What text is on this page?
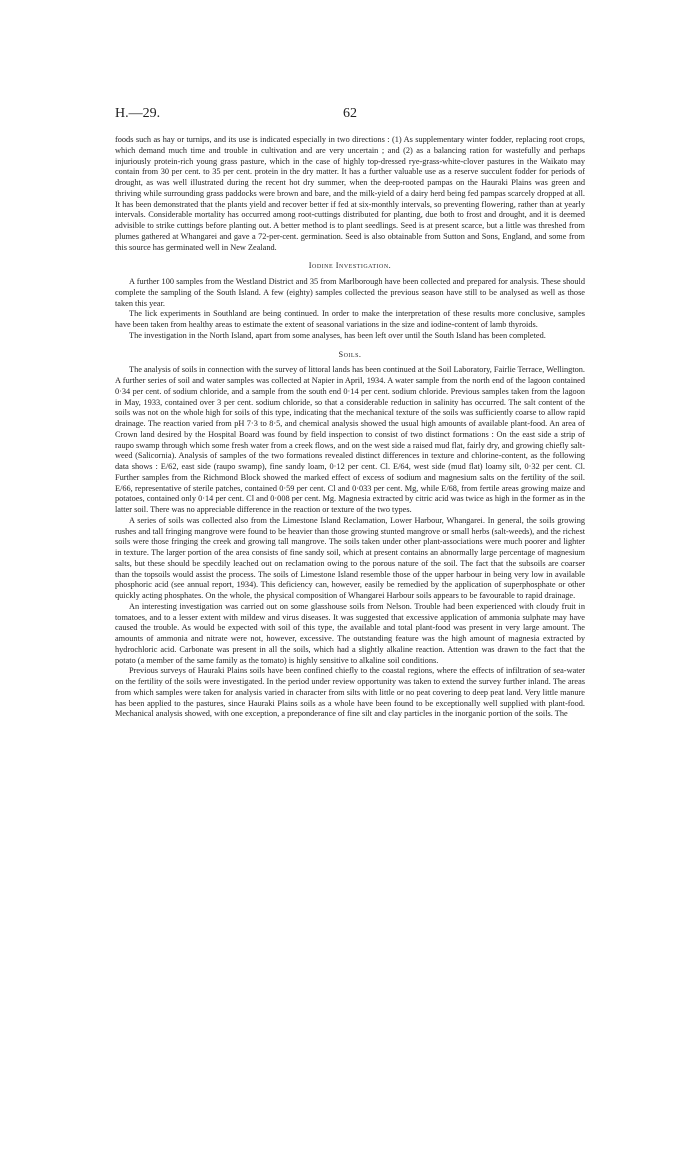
H.—29.	62

foods such as hay or turnips, and its use is indicated especially in two directions : (1) As supplementary winter fodder, replacing root crops, which demand much time and trouble in cultivation and are very uncertain ; and (2) as a balancing ration for wastefully and perhaps injuriously protein-rich young grass pasture, which in the case of highly top-dressed rye-grass-white-clover pastures in the Waikato may contain from 30 per cent. to 35 per cent. protein in the dry matter. It has a further valuable use as a reserve succulent fodder for periods of drought, as was well illustrated during the recent hot dry summer, when the deep-rooted pampas on the Hauraki Plains was green and thriving while surrounding grass paddocks were brown and bare, and the milk-yield of a dairy herd being fed pampas scarcely dropped at all. It has been demonstrated that the plants yield and recover better if fed at six-monthly intervals, so preventing flowering, rather than at yearly intervals. Considerable mortality has occurred among root-cuttings distributed for planting, due both to frost and drought, and it is deemed advisible to strike cuttings before planting out. A better method is to plant seedlings. Seed is at present scarce, but a little was threshed from plumes gathered at Whangarei and gave a 72-per-cent. germination. Seed is also obtainable from Sutton and Sons, England, and some from this source has germinated well in New Zealand.

Iodine Investigation.

A further 100 samples from the Westland District and 35 from Marlborough have been collected and prepared for analysis. These should complete the sampling of the South Island. A few (eighty) samples collected the previous season have still to be analysed as well as those taken this year.

The lick experiments in Southland are being continued. In order to make the interpretation of these results more conclusive, samples have been taken from healthy areas to estimate the extent of seasonal variations in the size and iodine-content of lamb thyroids.

The investigation in the North Island, apart from some analyses, has been left over until the South Island has been completed.

Soils.

The analysis of soils in connection with the survey of littoral lands has been continued at the Soil Laboratory, Fairlie Terrace, Wellington. A further series of soil and water samples was collected at Napier in April, 1934. A water sample from the north end of the lagoon contained 0·34 per cent. of sodium chloride, and a sample from the south end 0·14 per cent. sodium chloride. Previous samples taken from the lagoon in May, 1933, contained over 3 per cent. sodium chloride, so that a considerable reduction in salinity has occurred. The salt content of the soils was not on the whole high for soils of this type, indicating that the mechanical texture of the soils was sufficiently coarse to allow rapid drainage. The reaction varied from pH 7·3 to 8·5, and chemical analysis showed the usual high amounts of available plant-food. An area of Crown land desired by the Hospital Board was found by field inspection to consist of two distinct formations : On the east side a strip of raupo swamp through which some fresh water from a creek flows, and on the west side a raised mud flat, fairly dry, and growing chiefly salt-weed (Salicornia). Analysis of samples of the two formations revealed distinct differences in texture and chlorine-content, as the following data shows : E/62, east side (raupo swamp), fine sandy loam, 0·12 per cent. Cl. E/64, west side (mud flat) loamy silt, 0·32 per cent. Cl. Further samples from the Richmond Block showed the marked effect of excess of sodium and magnesium salts on the fertility of the soil. E/66, representative of sterile patches, contained 0·59 per cent. Cl and 0·033 per cent. Mg, while E/68, from fertile areas growing maize and potatoes, contained only 0·14 per cent. Cl and 0·008 per cent. Mg. Magnesia extracted by citric acid was twice as high in the former as in the latter soil. There was no appreciable difference in the reaction or texture of the two types.

A series of soils was collected also from the Limestone Island Reclamation, Lower Harbour, Whangarei. In general, the soils growing rushes and tall fringing mangrove were found to be heavier than those growing stunted mangrove or small herbs (salt-weeds), and the richest soils were those fringing the creek and growing tall mangrove. The soils taken under other plant-associations were much poorer and lighter in texture. The larger portion of the area consists of fine sandy soil, which at present contains an abnormally large percentage of magnesium salts, but these should be specdily leached out on reclamation owing to the porous nature of the soil. The fact that the subsoils are coarser than the topsoils would assist the process. The soils of Limestone Island resemble those of the upper harbour in being very low in available phosphoric acid (see annual report, 1934). This deficiency can, however, easily be remedied by the application of superphosphate or other quickly acting phosphates. On the whole, the physical composition of Whangarei Harbour soils appears to be favourable to rapid drainage.

An interesting investigation was carried out on some glasshouse soils from Nelson. Trouble had been experienced with cloudy fruit in tomatoes, and to a lesser extent with mildew and virus diseases. It was suggested that excessive application of ammonia sulphate may have caused the trouble. As would be expected with soil of this type, the available and total plant-food was present in very large amount. The amounts of ammonia and nitrate were not, however, excessive. The outstanding feature was the high amount of magnesia extracted by hydrochloric acid. Carbonate was present in all the soils, which had a slightly alkaline reaction. Attention was drawn to the fact that the potato (a member of the same family as the tomato) is highly sensitive to alkaline soil conditions.

Previous surveys of Hauraki Plains soils have been confined chiefly to the coastal regions, where the effects of infiltration of sea-water on the fertility of the soils were investigated. In the period under review opportunity was taken to extend the survey further inland. The areas from which samples were taken for analysis varied in character from silts with little or no peat covering to deep peat land. Very little manure has been applied to the pastures, since Hauraki Plains soils as a whole have been found to be exceptionally well supplied with plant-food. Mechanical analysis showed, with one exception, a preponderance of fine silt and clay particles in the inorganic portion of the soils. The
